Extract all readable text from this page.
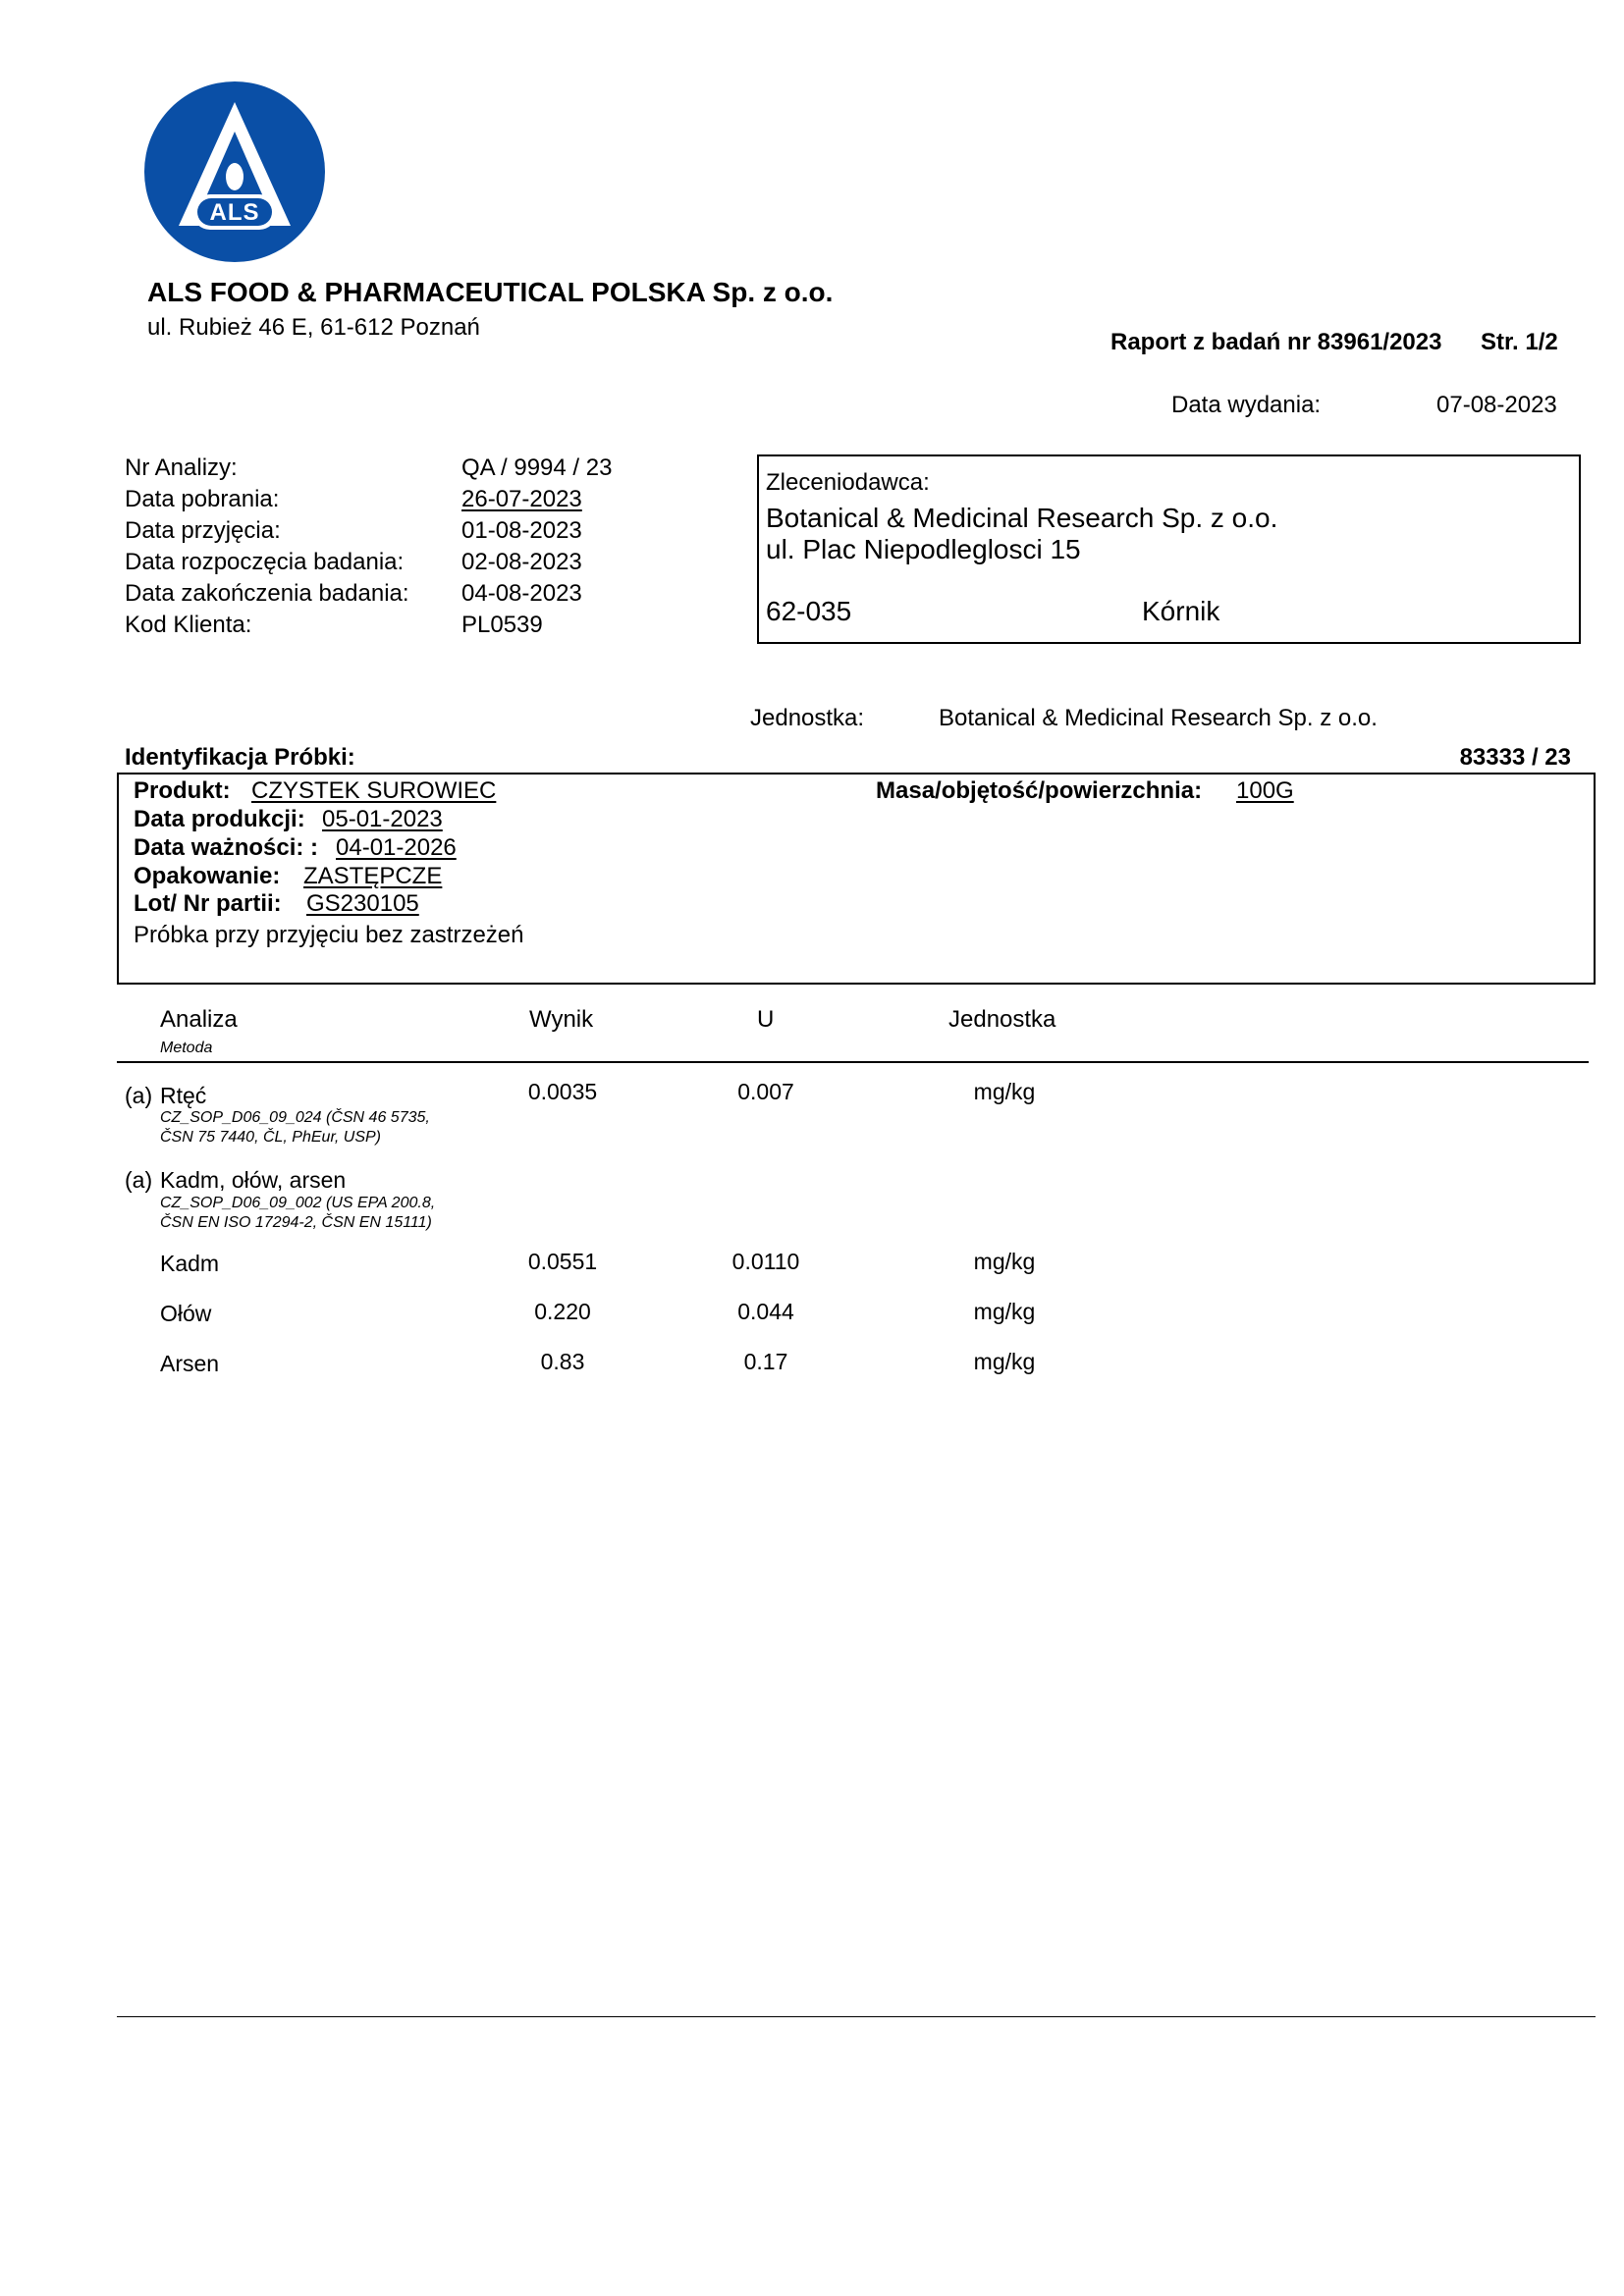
ALS
ALS FOOD & PHARMACEUTICAL POLSKA Sp. z o.o.
ul. Rubież 46 E, 61-612 Poznań
Raport z badań nr 83961/2023 Str. 1/2
Data wydania:	07-08-2023
Nr Analizy:	QA / 9994 / 23
Data pobrania:	26-07-2023
Data przyjęcia:	01-08-2023
Data rozpoczęcia badania: 02-08-2023
Data zakończenia badania: 04-08-2023
Kod Klienta:	PL0539
Zleceniodawca:
Botanical & Medicinal Research Sp. z o.o.
ul. Plac Niepodleglosci 15
62-035	Kórnik
Jednostka:	Botanical & Medicinal Research Sp. z o.o.
Identyfikacja Próbki:	83333 / 23
Produkt: CZYSTEK SUROWIEC	Masa/objętość/powierzchnia: 100G
Data produkcji: 05-01-2023
Data ważności: : 04-01-2026
Opakowanie: ZASTĘPCZE
Lot/ Nr partii: GS230105
Próbka przy przyjęciu bez zastrzeżeń
Analiza
Metoda
Wynik	U	Jednostka
(a) Rtęć
CZ_SOP_D06_09_024 (ČSN 46 5735,
ČSN 75 7440, ČL, PhEur, USP)
0.0035	0.007	mg/kg
(a) Kadm, ołów, arsen
CZ_SOP_D06_09_002 (US EPA 200.8,
ČSN EN ISO 17294-2, ČSN EN 15111)
Kadm	0.0551	0.0110	mg/kg
Ołów	0.220	0.044	mg/kg
Arsen	0.83	0.17	mg/kg
